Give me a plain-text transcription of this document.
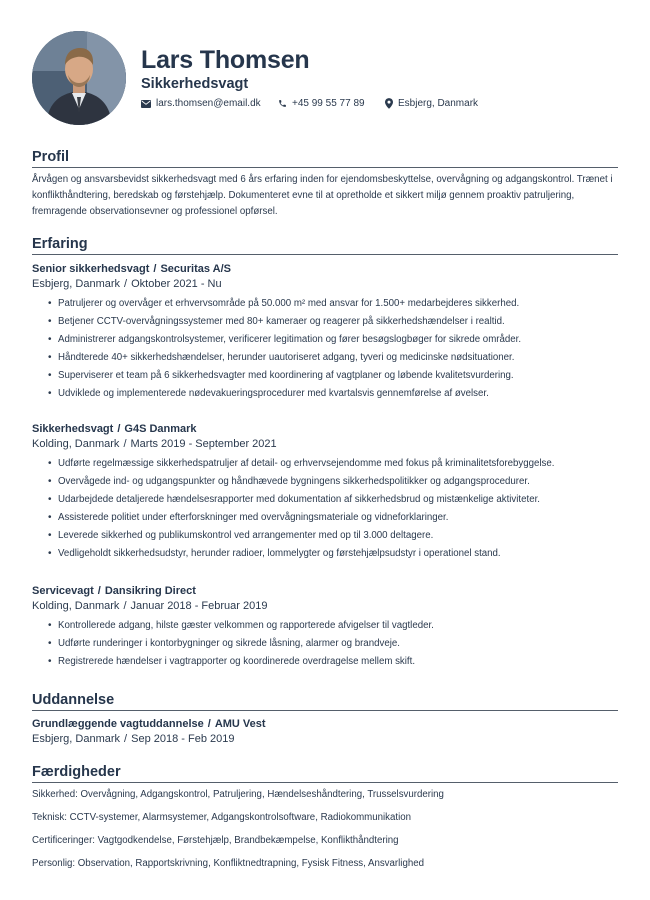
Lars Thomsen
Sikkerhedsvagt
lars.thomsen@email.dk	+45 99 55 77 89	Esbjerg, Danmark
Profil
Årvågen og ansvarsbevidst sikkerhedsvagt med 6 års erfaring inden for ejendomsbeskyttelse, overvågning og adgangskontrol. Trænet i konflikthåndtering, beredskab og førstehjælp. Dokumenteret evne til at opretholde et sikkert miljø gennem proaktiv patruljering, fremragende observationsevner og professionel opførsel.
Erfaring
Senior sikkerhedsvagt / Securitas A/S
Esbjerg, Danmark / Oktober 2021 - Nu
• Patruljerer og overvåger et erhvervsområde på 50.000 m² med ansvar for 1.500+ medarbejderes sikkerhed.
• Betjener CCTV-overvågningssystemer med 80+ kameraer og reagerer på sikkerhedshændelser i realtid.
• Administrerer adgangskontrolsystemer, verificerer legitimation og fører besøgslogbøger for sikrede områder.
• Håndterede 40+ sikkerhedshændelser, herunder uautoriseret adgang, tyveri og medicinske nødsituationer.
• Superviserer et team på 6 sikkerhedsvagter med koordinering af vagtplaner og løbende kvalitetsvurdering.
• Udviklede og implementerede nødevakueringsprocedurer med kvartalsvis gennemførelse af øvelser.
Sikkerhedsvagt / G4S Danmark
Kolding, Danmark / Marts 2019 - September 2021
• Udførte regelmæssige sikkerhedspatruljer af detail- og erhvervsejendomme med fokus på kriminalitetsforebyggelse.
• Overvågede ind- og udgangspunkter og håndhævede bygningens sikkerhedspolitikker og adgangsprocedurer.
• Udarbejdede detaljerede hændelsesrapporter med dokumentation af sikkerhedsbrud og mistænkelige aktiviteter.
• Assisterede politiet under efterforskninger med overvågningsmateriale og vidneforklaringer.
• Leverede sikkerhed og publikumskontrol ved arrangementer med op til 3.000 deltagere.
• Vedligeholdt sikkerhedsudstyr, herunder radioer, lommelygter og førstehjælpsudstyr i operationel stand.
Servicevagt / Dansikring Direct
Kolding, Danmark / Januar 2018 - Februar 2019
• Kontrollerede adgang, hilste gæster velkommen og rapporterede afvigelser til vagtleder.
• Udførte runderinger i kontorbygninger og sikrede låsning, alarmer og brandveje.
• Registrerede hændelser i vagtrapporter og koordinerede overdragelse mellem skift.
Uddannelse
Grundlæggende vagtuddannelse / AMU Vest
Esbjerg, Danmark / Sep 2018 - Feb 2019
Færdigheder
Sikkerhed: Overvågning, Adgangskontrol, Patruljering, Hændelseshåndtering, Trusselsvurdering
Teknisk: CCTV-systemer, Alarmsystemer, Adgangskontrolsoftware, Radiokommunikation
Certificeringer: Vagtgodkendelse, Førstehjælp, Brandbekæmpelse, Konflikthåndtering
Personlig: Observation, Rapportskrivning, Konfliktnedtrapning, Fysisk Fitness, Ansvarlighed
